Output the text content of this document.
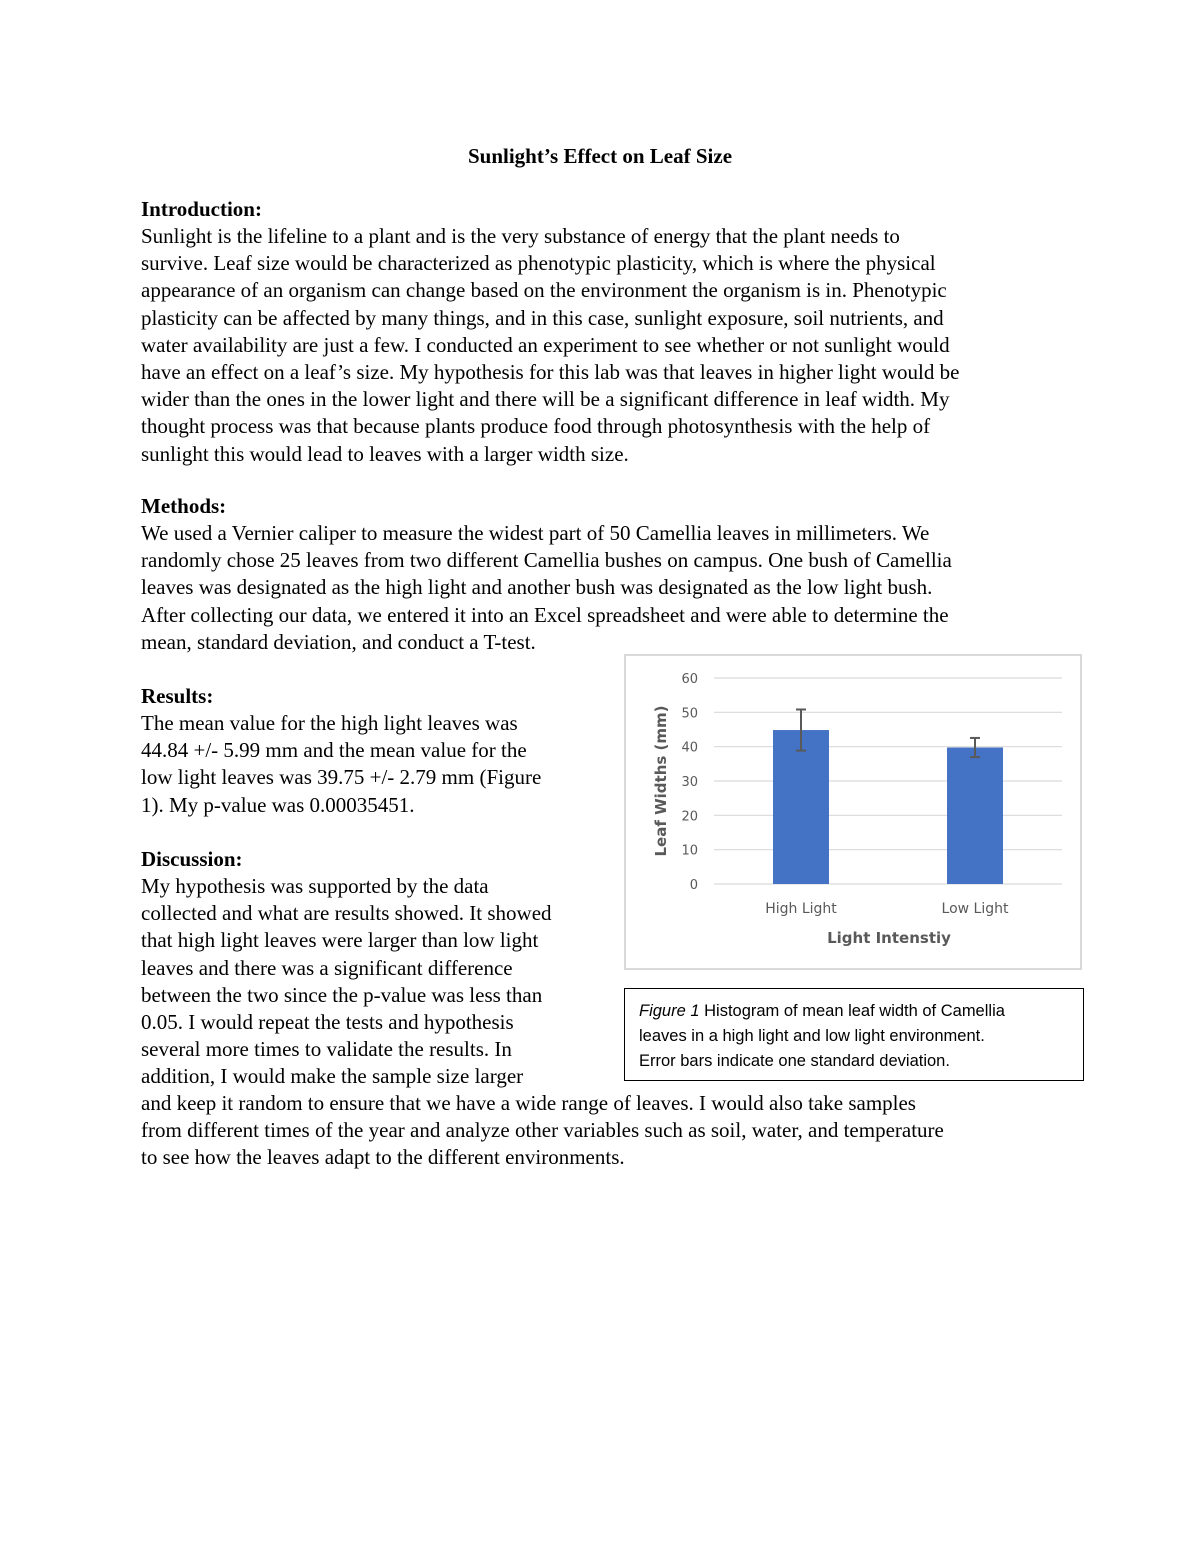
Sunlight’s Effect on Leaf Size
Introduction:

Sunlight is the lifeline to a plant and is the very substance of energy that the plant needs to

survive. Leaf size would be characterized as phenotypic plasticity, which is where the physical

appearance of an organism can change based on the environment the organism is in. Phenotypic

plasticity can be affected by many things, and in this case, sunlight exposure, soil nutrients, and

water availability are just a few. I conducted an experiment to see whether or not sunlight would

have an effect on a leaf’s size. My hypothesis for this lab was that leaves in higher light would be

wider than the ones in the lower light and there will be a significant difference in leaf width. My

thought process was that because plants produce food through photosynthesis with the help of

sunlight this would lead to leaves with a larger width size.

Methods:

We used a Vernier caliper to measure the widest part of 50 Camellia leaves in millimeters. We

randomly chose 25 leaves from two different Camellia bushes on campus. One bush of Camellia

leaves was designated as the high light and another bush was designated as the low light bush.

After collecting our data, we entered it into an Excel spreadsheet and were able to determine the

mean, standard deviation, and conduct a T-test.

Results:

The mean value for the high light leaves was

44.84 +/- 5.99 mm and the mean value for the

low light leaves was 39.75 +/- 2.79 mm (Figure

1). My p-value was 0.00035451.

Discussion:

My hypothesis was supported by the data

collected and what are results showed. It showed

that high light leaves were larger than low light

leaves and there was a significant difference

between the two since the p-value was less than

0.05. I would repeat the tests and hypothesis

several more times to validate the results. In

addition, I would make the sample size larger

and keep it random to ensure that we have a wide range of leaves. I would also take samples

from different times of the year and analyze other variables such as soil, water, and temperature

to see how the leaves adapt to the different environments.

0
10
20
30
40
50
60
High Light	Low Light
Light Intenstiy
Leaf Widths (mm)
Figure 1 Histogram of mean leaf width of Camellia
leaves in a high light and low light environment.
Error bars indicate one standard deviation.
